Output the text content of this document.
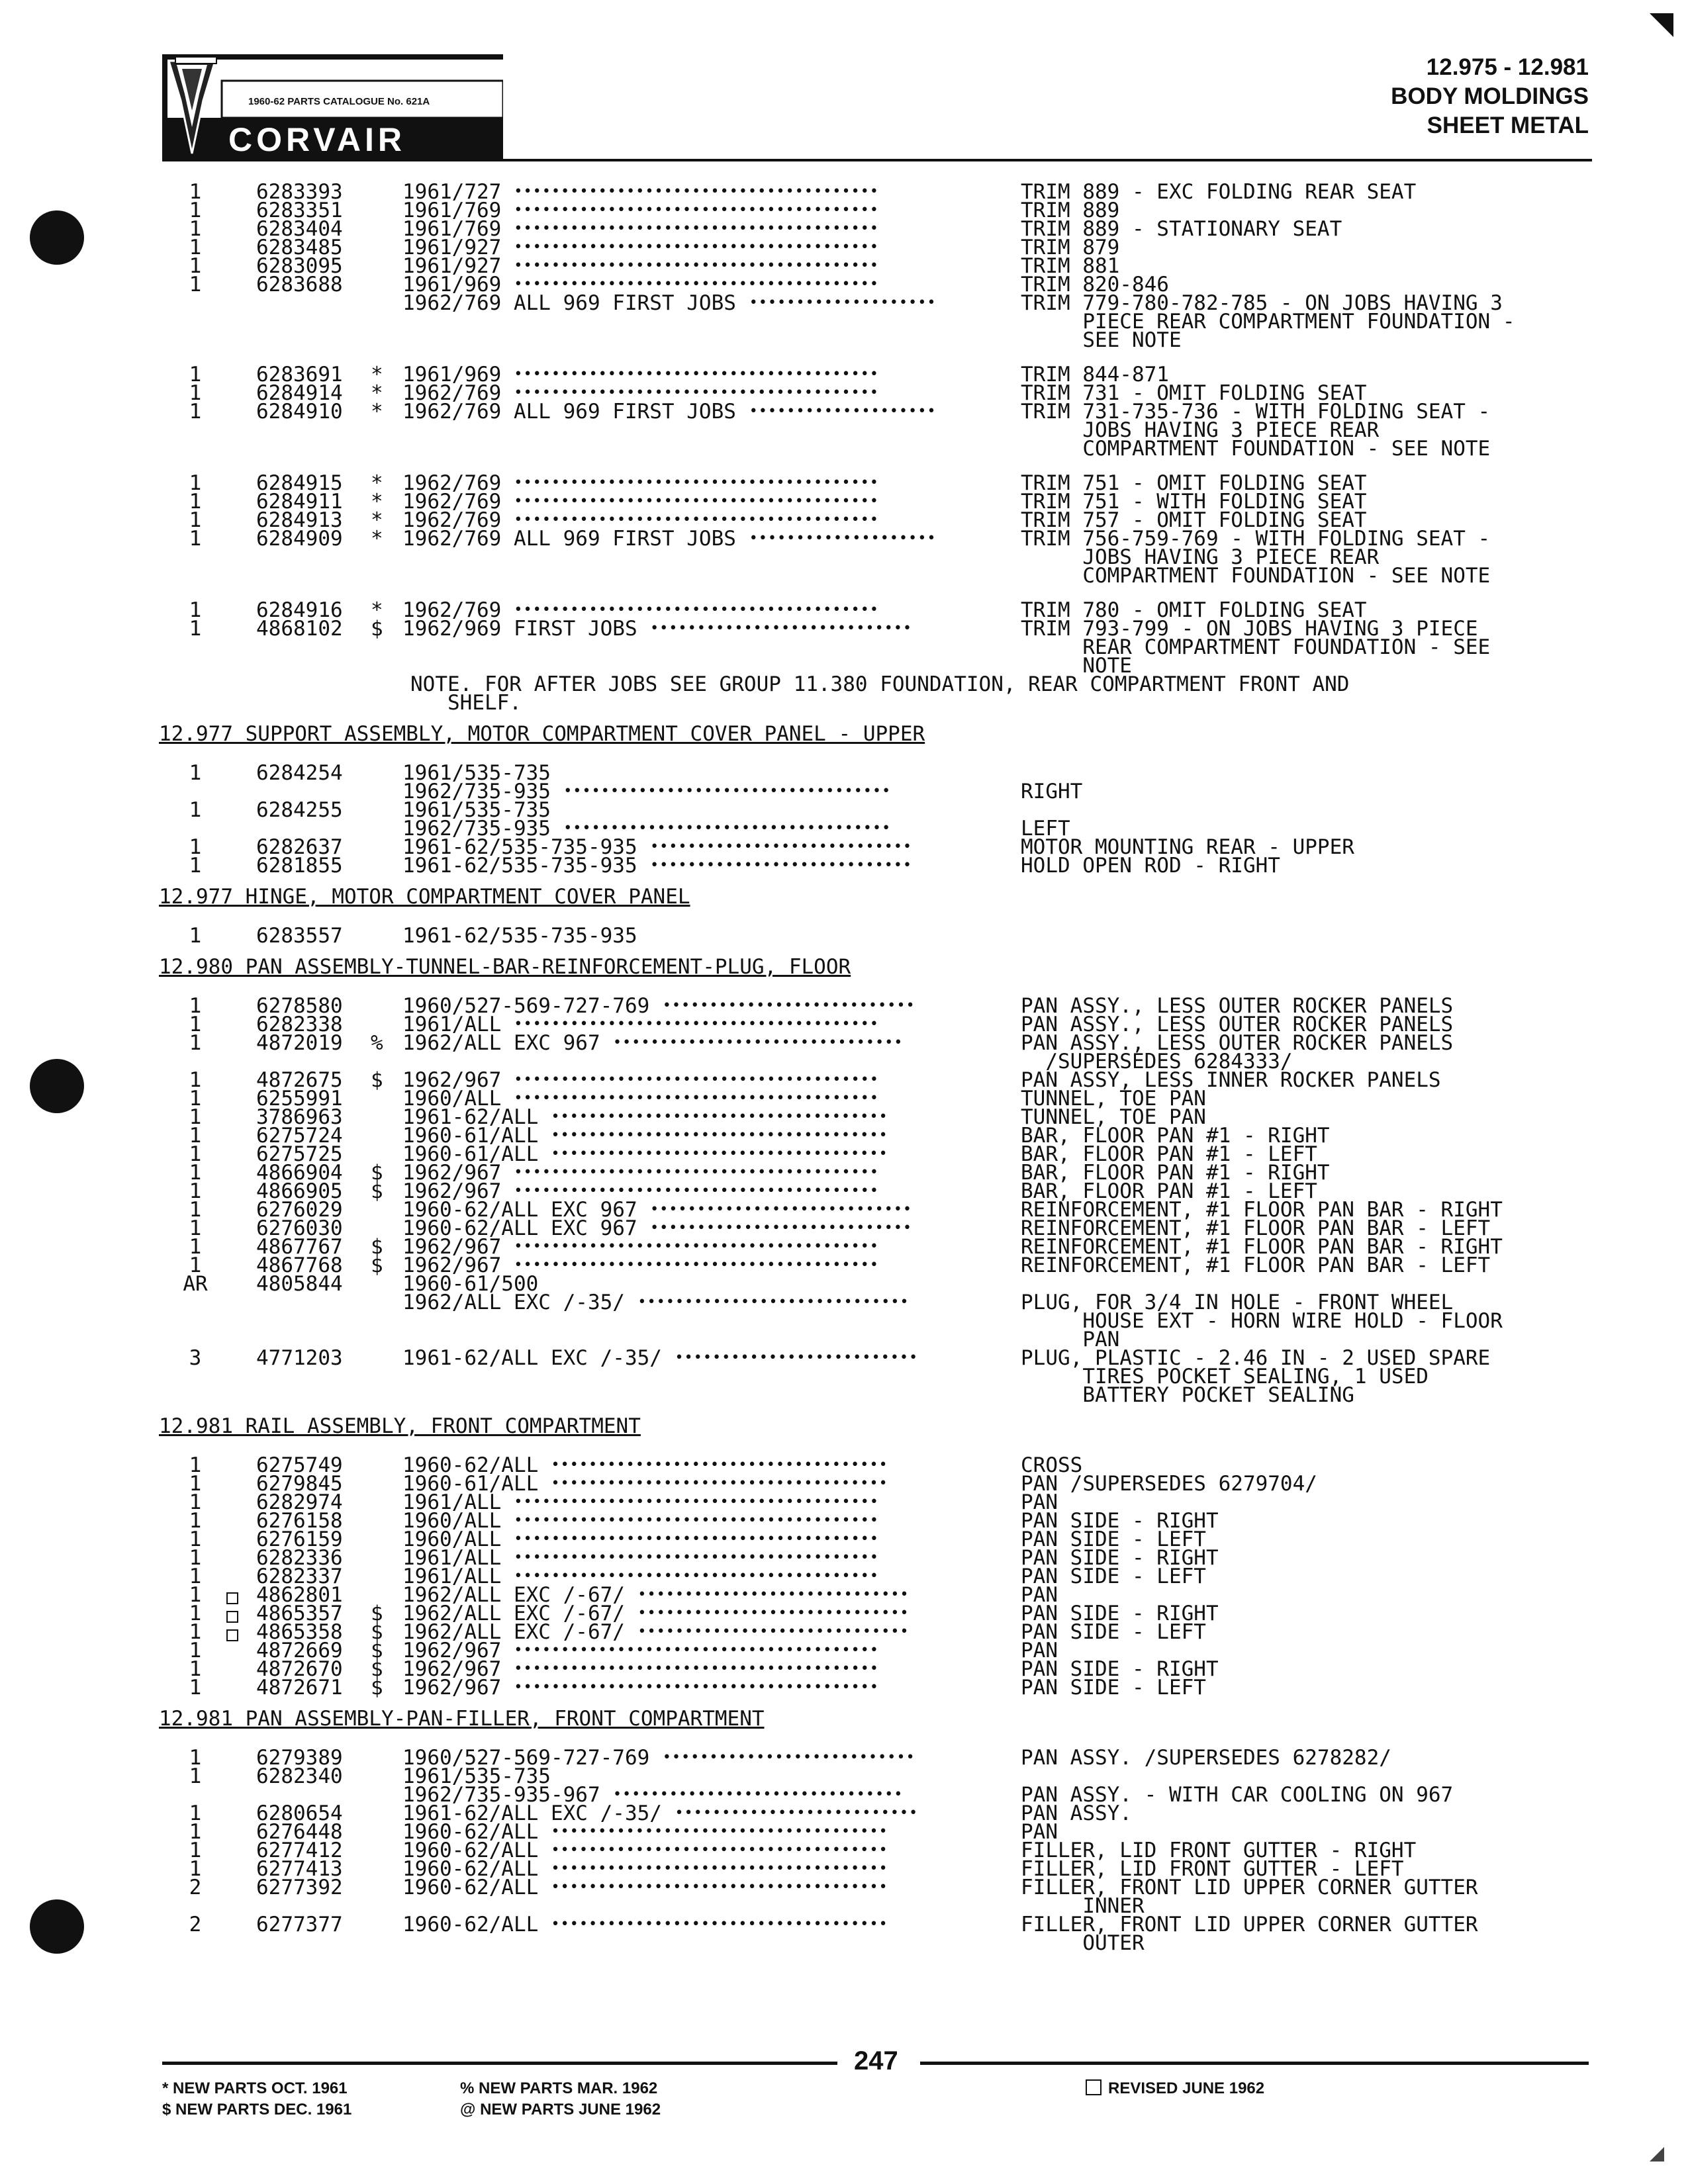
1960-62 PARTS CATALOGUE No. 621A
CORVAIR
12.975 - 12.981
BODY MOLDINGS
SHEET METAL
1	6283393	1961/727 •••••••••••••••••••••••••••••••••••••••	TRIM 889 - EXC FOLDING REAR SEAT
1	6283351	1961/769 •••••••••••••••••••••••••••••••••••••••	TRIM 889
1	6283404	1961/769 •••••••••••••••••••••••••••••••••••••••	TRIM 889 - STATIONARY SEAT
1	6283485	1961/927 •••••••••••••••••••••••••••••••••••••••	TRIM 879
1	6283095	1961/927 •••••••••••••••••••••••••••••••••••••••	TRIM 881
1	6283688	1961/969 •••••••••••••••••••••••••••••••••••••••	TRIM 820-846
1962/769 ALL 969 FIRST JOBS ••••••••••••••••••••	TRIM 779-780-782-785 - ON JOBS HAVING 3
PIECE REAR COMPARTMENT FOUNDATION -
SEE NOTE
1	6283691 * 1961/969 •••••••••••••••••••••••••••••••••••••••	TRIM 844-871
1	6284914 * 1962/769 •••••••••••••••••••••••••••••••••••••••	TRIM 731 - OMIT FOLDING SEAT
1	6284910 * 1962/769 ALL 969 FIRST JOBS ••••••••••••••••••••	TRIM 731-735-736 - WITH FOLDING SEAT -
JOBS HAVING 3 PIECE REAR
COMPARTMENT FOUNDATION - SEE NOTE
1	6284915 * 1962/769 •••••••••••••••••••••••••••••••••••••••	TRIM 751 - OMIT FOLDING SEAT
1	6284911 * 1962/769 •••••••••••••••••••••••••••••••••••••••	TRIM 751 - WITH FOLDING SEAT
1	6284913 * 1962/769 •••••••••••••••••••••••••••••••••••••••	TRIM 757 - OMIT FOLDING SEAT
1	6284909 * 1962/769 ALL 969 FIRST JOBS ••••••••••••••••••••	TRIM 756-759-769 - WITH FOLDING SEAT -
JOBS HAVING 3 PIECE REAR
COMPARTMENT FOUNDATION - SEE NOTE
1	6284916 * 1962/769 •••••••••••••••••••••••••••••••••••••••	TRIM 780 - OMIT FOLDING SEAT
1	4868102 $ 1962/969 FIRST JOBS ••••••••••••••••••••••••••••	TRIM 793-799 - ON JOBS HAVING 3 PIECE
REAR COMPARTMENT FOUNDATION - SEE
NOTE
NOTE. FOR AFTER JOBS SEE GROUP 11.380 FOUNDATION, REAR COMPARTMENT FRONT AND
SHELF.
12.977 SUPPORT ASSEMBLY, MOTOR COMPARTMENT COVER PANEL - UPPER
1	6284254	1961/535-735
1962/735-935 •••••••••••••••••••••••••••••••••••	RIGHT
1	6284255	1961/535-735
1962/735-935 •••••••••••••••••••••••••••••••••••	LEFT
1	6282637	1961-62/535-735-935 ••••••••••••••••••••••••••••	MOTOR MOUNTING REAR - UPPER
1	6281855	1961-62/535-735-935 ••••••••••••••••••••••••••••	HOLD OPEN ROD - RIGHT
12.977 HINGE, MOTOR COMPARTMENT COVER PANEL
1	6283557	1961-62/535-735-935
12.980 PAN ASSEMBLY-TUNNEL-BAR-REINFORCEMENT-PLUG, FLOOR
1	6278580	1960/527-569-727-769 •••••••••••••••••••••••••••	PAN ASSY., LESS OUTER ROCKER PANELS
1	6282338	1961/ALL •••••••••••••••••••••••••••••••••••••••	PAN ASSY., LESS OUTER ROCKER PANELS
1	4872019 % 1962/ALL EXC 967 •••••••••••••••••••••••••••••••	PAN ASSY., LESS OUTER ROCKER PANELS
/SUPERSEDES 6284333/
1	4872675 $ 1962/967 •••••••••••••••••••••••••••••••••••••••	PAN ASSY, LESS INNER ROCKER PANELS
1	6255991	1960/ALL •••••••••••••••••••••••••••••••••••••••	TUNNEL, TOE PAN
1	3786963	1961-62/ALL ••••••••••••••••••••••••••••••••••••	TUNNEL, TOE PAN
1	6275724	1960-61/ALL ••••••••••••••••••••••••••••••••••••	BAR, FLOOR PAN #1 - RIGHT
1	6275725	1960-61/ALL ••••••••••••••••••••••••••••••••••••	BAR, FLOOR PAN #1 - LEFT
1	4866904 $ 1962/967 •••••••••••••••••••••••••••••••••••••••	BAR, FLOOR PAN #1 - RIGHT
1	4866905 $ 1962/967 •••••••••••••••••••••••••••••••••••••••	BAR, FLOOR PAN #1 - LEFT
1	6276029	1960-62/ALL EXC 967 ••••••••••••••••••••••••••••	REINFORCEMENT, #1 FLOOR PAN BAR - RIGHT
1	6276030	1960-62/ALL EXC 967 ••••••••••••••••••••••••••••	REINFORCEMENT, #1 FLOOR PAN BAR - LEFT
1	4867767 $ 1962/967 •••••••••••••••••••••••••••••••••••••••	REINFORCEMENT, #1 FLOOR PAN BAR - RIGHT
1	4867768 $ 1962/967 •••••••••••••••••••••••••••••••••••••••	REINFORCEMENT, #1 FLOOR PAN BAR - LEFT
AR	4805844	1960-61/500
1962/ALL EXC /-35/ •••••••••••••••••••••••••••••	PLUG, FOR 3/4 IN HOLE - FRONT WHEEL
HOUSE EXT - HORN WIRE HOLD - FLOOR
PAN
3	4771203	1961-62/ALL EXC /-35/ ••••••••••••••••••••••••••	PLUG, PLASTIC - 2.46 IN - 2 USED SPARE
TIRES POCKET SEALING, 1 USED
BATTERY POCKET SEALING
12.981 RAIL ASSEMBLY, FRONT COMPARTMENT
1	6275749	1960-62/ALL ••••••••••••••••••••••••••••••••••••	CROSS
1	6279845	1960-61/ALL ••••••••••••••••••••••••••••••••••••	PAN /SUPERSEDES 6279704/
1	6282974	1961/ALL •••••••••••••••••••••••••••••••••••••••	PAN
1	6276158	1960/ALL •••••••••••••••••••••••••••••••••••••••	PAN SIDE - RIGHT
1	6276159	1960/ALL •••••••••••••••••••••••••••••••••••••••	PAN SIDE - LEFT
1	6282336	1961/ALL •••••••••••••••••••••••••••••••••••••••	PAN SIDE - RIGHT
1	6282337	1961/ALL •••••••••••••••••••••••••••••••••••••••	PAN SIDE - LEFT
1	4862801	1962/ALL EXC /-67/ •••••••••••••••••••••••••••••	PAN
1	4865357 $ 1962/ALL EXC /-67/ •••••••••••••••••••••••••••••	PAN SIDE - RIGHT
1	4865358 $ 1962/ALL EXC /-67/ •••••••••••••••••••••••••••••	PAN SIDE - LEFT
1	4872669 $ 1962/967 •••••••••••••••••••••••••••••••••••••••	PAN
1	4872670 $ 1962/967 •••••••••••••••••••••••••••••••••••••••	PAN SIDE - RIGHT
1	4872671 $ 1962/967 •••••••••••••••••••••••••••••••••••••••	PAN SIDE - LEFT
12.981 PAN ASSEMBLY-PAN-FILLER, FRONT COMPARTMENT
1	6279389	1960/527-569-727-769 •••••••••••••••••••••••••••	PAN ASSY. /SUPERSEDES 6278282/
1	6282340	1961/535-735
1962/735-935-967 •••••••••••••••••••••••••••••••	PAN ASSY. - WITH CAR COOLING ON 967
1	6280654	1961-62/ALL EXC /-35/ ••••••••••••••••••••••••••	PAN ASSY.
1	6276448	1960-62/ALL ••••••••••••••••••••••••••••••••••••	PAN
1	6277412	1960-62/ALL ••••••••••••••••••••••••••••••••••••	FILLER, LID FRONT GUTTER - RIGHT
1	6277413	1960-62/ALL ••••••••••••••••••••••••••••••••••••	FILLER, LID FRONT GUTTER - LEFT
2	6277392	1960-62/ALL ••••••••••••••••••••••••••••••••••••	FILLER, FRONT LID UPPER CORNER GUTTER
INNER
2	6277377	1960-62/ALL ••••••••••••••••••••••••••••••••••••	FILLER, FRONT LID UPPER CORNER GUTTER
OUTER
247
* NEW PARTS OCT. 1961
$ NEW PARTS DEC. 1961
% NEW PARTS MAR. 1962
@ NEW PARTS JUNE 1962
REVISED JUNE 1962
